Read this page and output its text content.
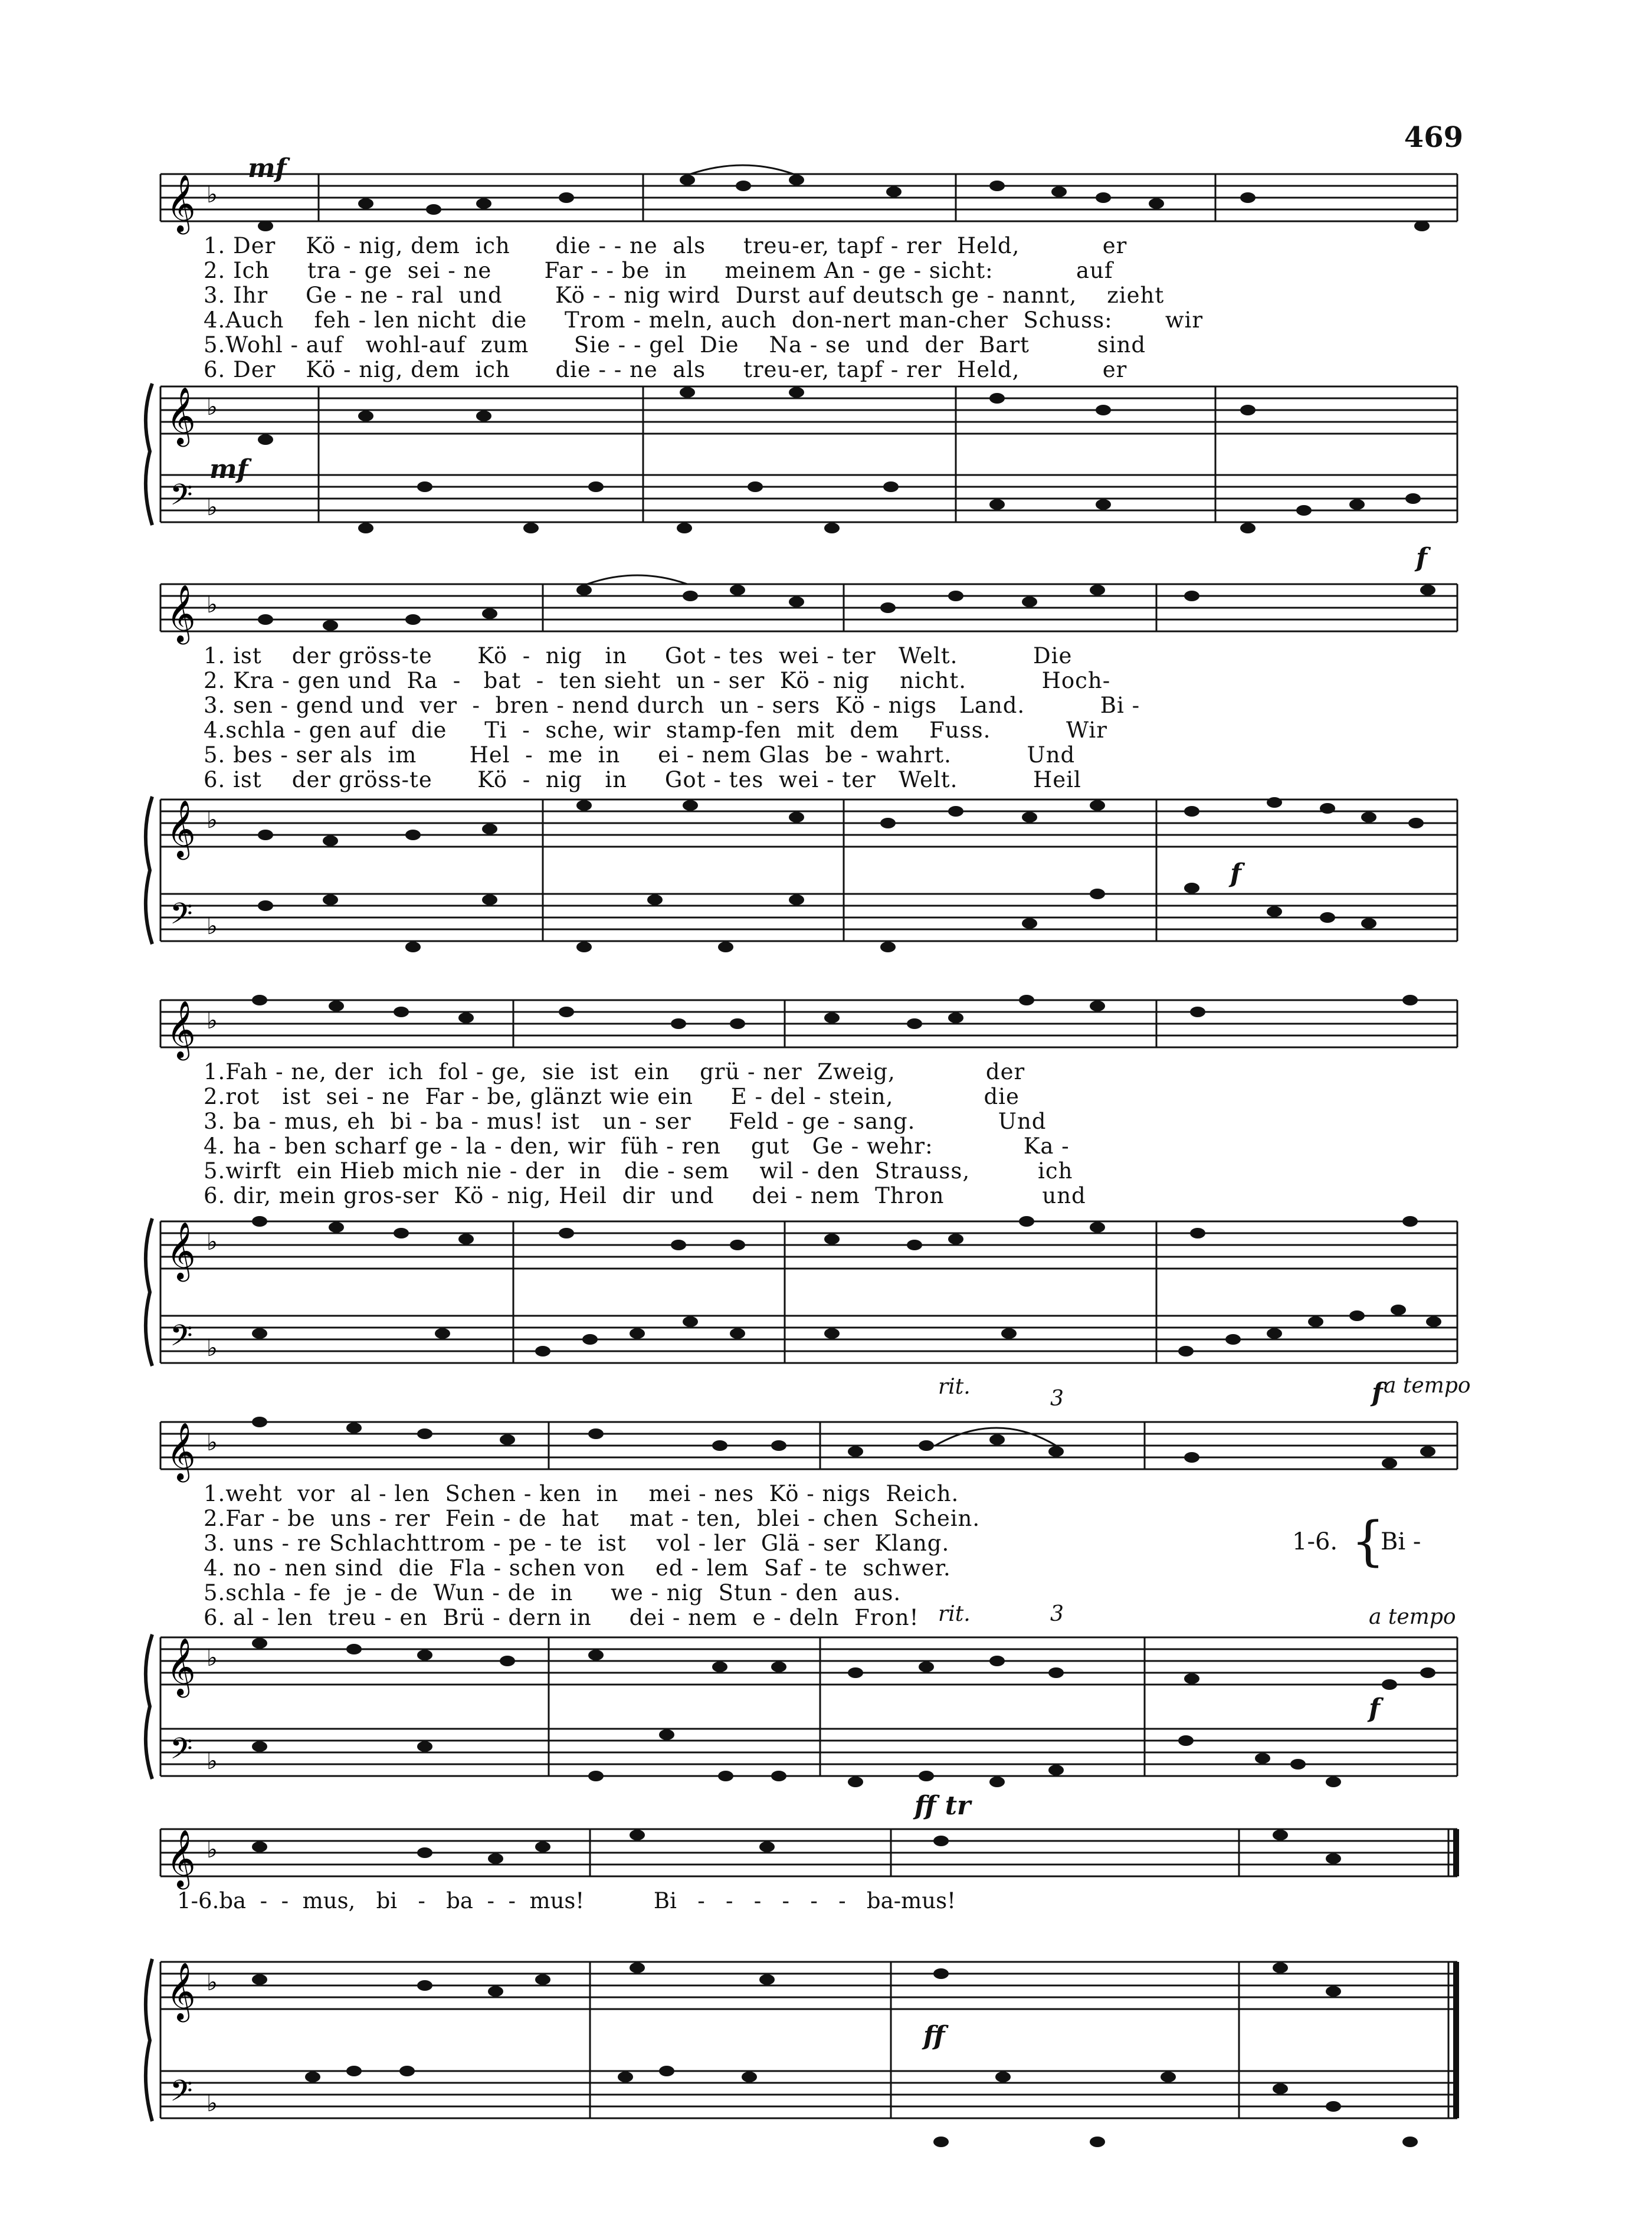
469
𝄞
𝄞
𝄢
♭
♭
♭
mf
mf
1. Der    Kö - nig, dem  ich      die - - ne  als     treu-er, tapf - rer  Held,           er
2. Ich     tra - ge  sei - ne       Far - - be  in     meinem An - ge - sicht:           auf
3. Ihr     Ge - ne - ral  und       Kö - - nig wird  Durst auf deutsch ge - nannt,    zieht
4.Auch    feh - len nicht  die     Trom - meln, auch  don-nert man-cher  Schuss:       wir
5.Wohl - auf   wohl-auf  zum      Sie - - gel  Die    Na - se  und  der  Bart         sind
6. Der    Kö - nig, dem  ich      die - - ne  als     treu-er, tapf - rer  Held,           er
𝄞
𝄞
𝄢
♭
♭
♭
f
f
1. ist    der gröss-te      Kö  -  nig   in     Got - tes  wei - ter   Welt.          Die
2. Kra - gen und  Ra  -   bat  -  ten sieht  un - ser  Kö - nig    nicht.          Hoch-
3. sen - gend und  ver  -  bren - nend durch  un - sers  Kö - nigs   Land.          Bi -
4.schla - gen auf  die     Ti  -  sche, wir  stamp-fen  mit  dem    Fuss.          Wir
5. bes - ser als  im       Hel  -  me  in     ei - nem Glas  be - wahrt.          Und
6. ist    der gröss-te      Kö  -  nig   in     Got - tes  wei - ter   Welt.          Heil
𝄞
𝄞
𝄢
♭
♭
♭
1.Fah - ne, der  ich  fol - ge,  sie  ist  ein    grü - ner  Zweig,            der
2.rot   ist  sei - ne  Far - be, glänzt wie ein     E - del - stein,            die
3. ba - mus, eh  bi - ba - mus! ist   un - ser     Feld - ge - sang.           Und
4. ha - ben scharf ge - la - den, wir  füh - ren    gut   Ge - wehr:            Ka -
5.wirft  ein Hieb mich nie - der  in   die - sem    wil - den  Strauss,         ich
6. dir, mein gros-ser  Kö - nig, Heil  dir  und     dei - nem  Thron             und
𝄞
𝄞
𝄢
♭
♭
♭
rit.	3	f a tempo
rit.	3	a tempo
f
1.weht  vor  al - len  Schen - ken  in    mei - nes  Kö - nigs  Reich.
2.Far - be  uns - rer  Fein - de  hat    mat - ten,  blei - chen  Schein.
3. uns - re Schlachttrom - pe - te  ist    vol - ler  Glä - ser  Klang.
4. no - nen sind  die  Fla - schen von    ed - lem  Saf - te  schwer.
5.schla - fe  je - de  Wun - de  in     we - nig  Stun - den  aus.
6. al - len  treu - en  Brü - dern in     dei - nem  e - deln  Fron!
1-6. {
Bi -
𝄞
𝄞
𝄢
♭
♭
♭
ff tr
ff
1-6.ba  -  -  mus,   bi   -   ba  -  -  mus!          Bi   -   -   -   -   -   -   ba-mus!
